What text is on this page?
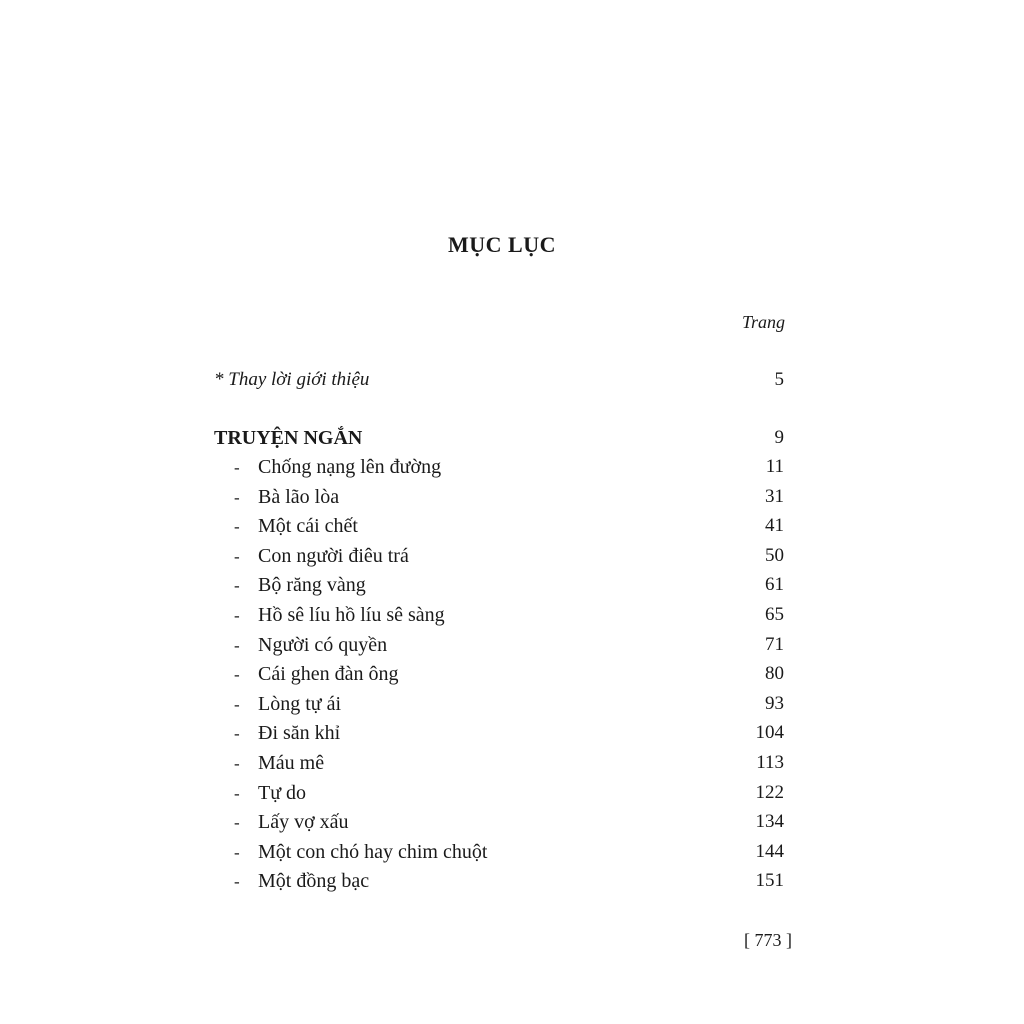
MỤC LỤC
Trang
* Thay lời giới thiệu	5
TRUYỆN NGẮN	9
- Chống nạng lên đường	11
- Bà lão lòa	31
- Một cái chết	41
- Con người điêu trá	50
- Bộ răng vàng	61
- Hồ sê líu hồ líu sê sàng	65
- Người có quyền	71
- Cái ghen đàn ông	80
- Lòng tự ái	93
- Đi săn khỉ	104
- Máu mê	113
- Tự do	122
- Lấy vợ xấu	134
- Một con chó hay chim chuột	144
- Một đồng bạc	151
[ 773 ]
